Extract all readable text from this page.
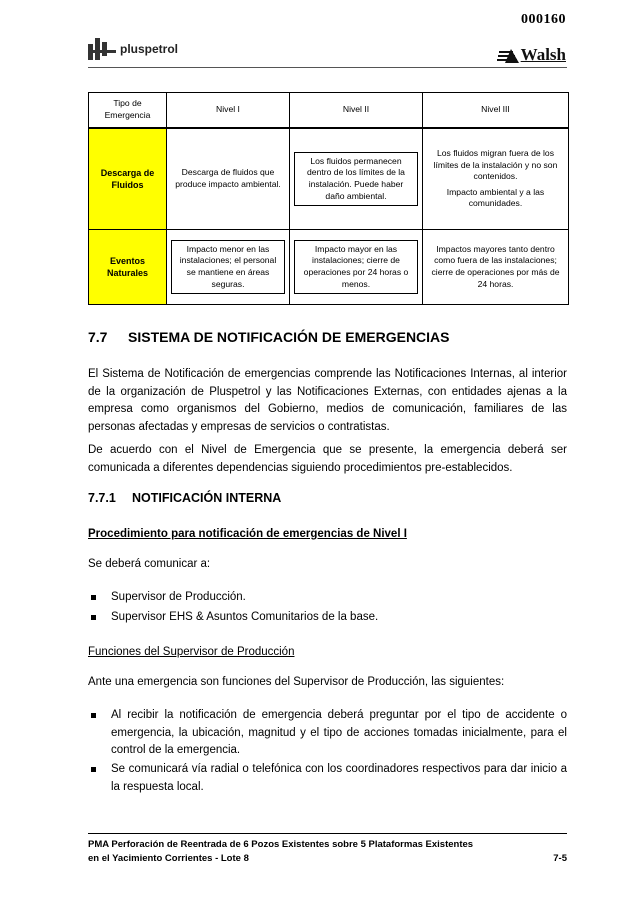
000160
pluspetrol	Walsh
Tipo de Emergencia	Nivel I	Nivel II	Nivel III
Descarga de Fluidos	Descarga de fluidos que produce impacto ambiental.	Los fluidos permanecen dentro de los límites de la instalación. Puede haber daño ambiental.	Los fluidos migran fuera de los límites de la instalación y no son contenidos.
Impacto ambiental y a las comunidades.

Eventos Naturales	Impacto menor en las instalaciones; el personal se mantiene en áreas seguras.	Impacto mayor en las instalaciones; cierre de operaciones por 24 horas o menos.	Impactos mayores tanto dentro como fuera de las instalaciones; cierre de operaciones por más de 24 horas.
7.7 SISTEMA DE NOTIFICACIÓN DE EMERGENCIAS

El Sistema de Notificación de emergencias comprende las Notificaciones Internas, al interior de la organización de Pluspetrol y las Notificaciones Externas, con entidades ajenas a la empresa como organismos del Gobierno, medios de comunicación, familiares de las personas afectadas y empresas de servicios o contratistas.

De acuerdo con el Nivel de Emergencia que se presente, la emergencia deberá ser comunicada a diferentes dependencias siguiendo procedimientos pre-establecidos.

7.7.1 NOTIFICACIÓN INTERNA

Procedimiento para notificación de emergencias de Nivel I

Se deberá comunicar a:

Supervisor de Producción.
Supervisor EHS & Asuntos Comunitarios de la base.

Funciones del Supervisor de Producción

Ante una emergencia son funciones del Supervisor de Producción, las siguientes:

Al recibir la notificación de emergencia deberá preguntar por el tipo de accidente o emergencia, la ubicación, magnitud y el tipo de acciones tomadas inicialmente, para el control de la emergencia.
Se comunicará vía radial o telefónica con los coordinadores respectivos para dar inicio a la respuesta local.
PMA Perforación de Reentrada de 6 Pozos Existentes sobre 5 Plataformas Existentes
en el Yacimiento Corrientes - Lote 8	7-5
